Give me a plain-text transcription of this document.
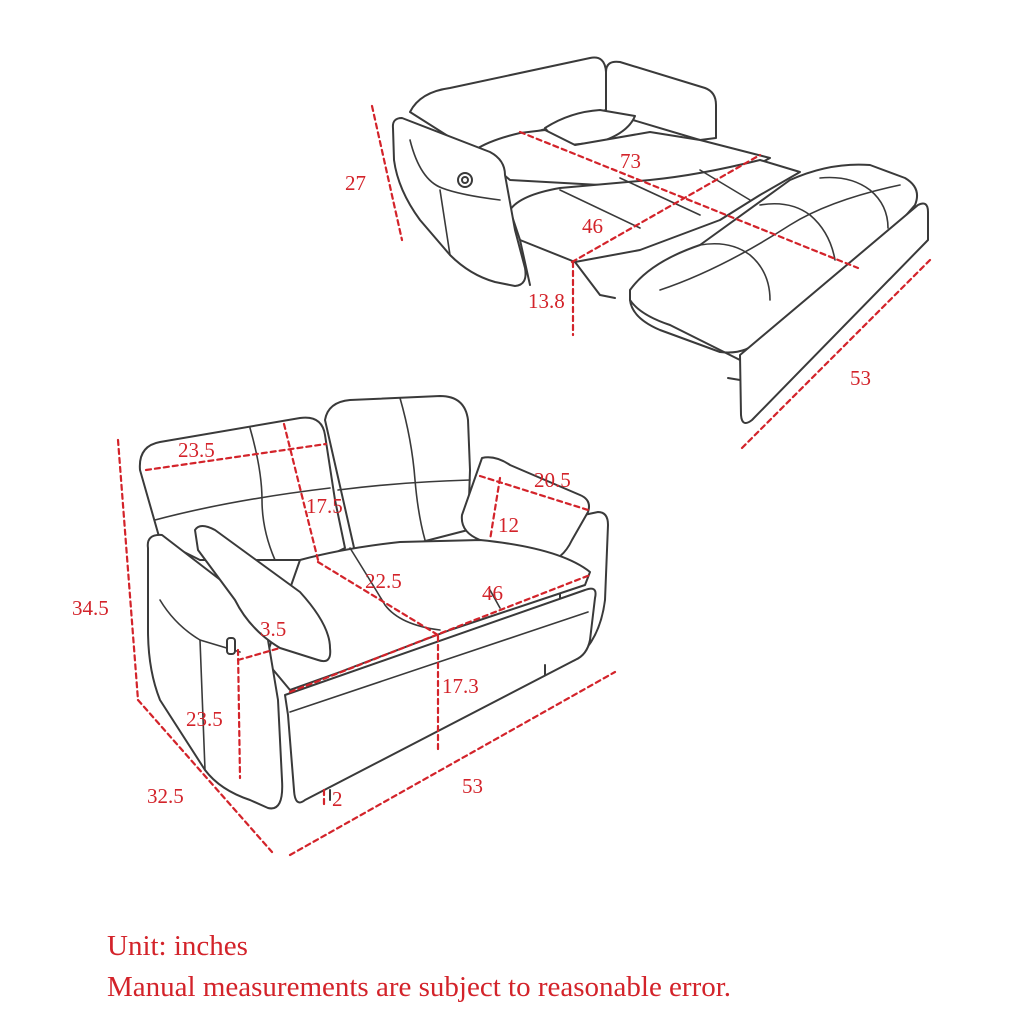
27
73
46
13.8
53
23.5
17.5
20.5
12
22.5	46
3.5
17.3
23.5
34.5
32.5	2
53
Unit: inches
Manual measurements are subject to reasonable error.
